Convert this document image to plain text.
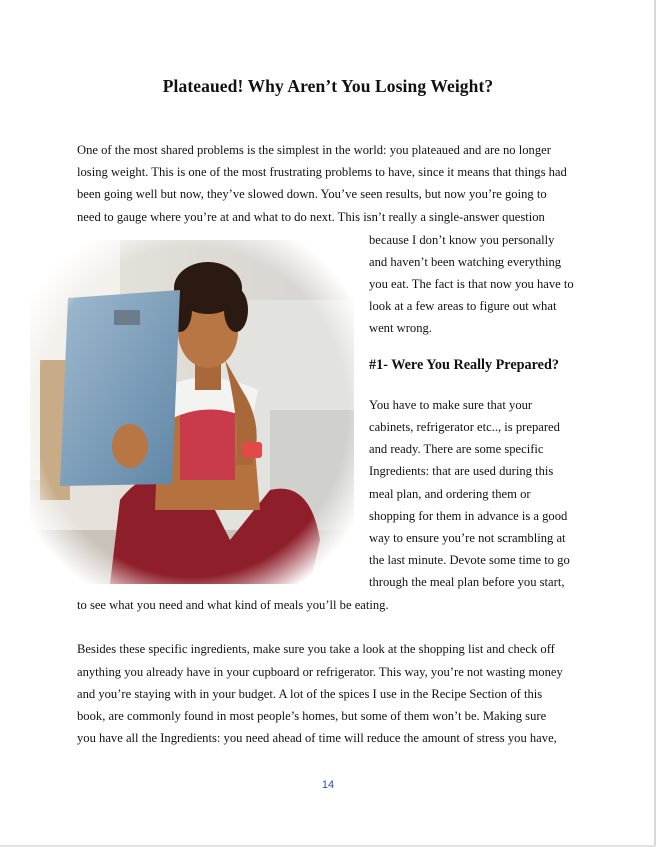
Plateaued! Why Aren’t You Losing Weight?

One of the most shared problems is the simplest in the world: you plateaued and are no longer

losing weight. This is one of the most frustrating problems to have, since it means that things had

been going well but now, they’ve slowed down. You’ve seen results, but now you’re going to

need to gauge where you’re at and what to do next. This isn’t really a single-answer question

because I don’t know you personally

and haven’t been watching everything

you eat. The fact is that now you have to

look at a few areas to figure out what

went wrong.

#1- Were You Really Prepared?

You have to make sure that your

cabinets, refrigerator etc.., is prepared

and ready. There are some specific

Ingredients: that are used during this

meal plan, and ordering them or

shopping for them in advance is a good

way to ensure you’re not scrambling at

the last minute. Devote some time to go

through the meal plan before you start,

to see what you need and what kind of meals you’ll be eating.

Besides these specific ingredients, make sure you take a look at the shopping list and check off

anything you already have in your cupboard or refrigerator. This way, you’re not wasting money

and you’re staying with in your budget. A lot of the spices I use in the Recipe Section of this

book, are commonly found in most people’s homes, but some of them won’t be. Making sure

you have all the Ingredients: you need ahead of time will reduce the amount of stress you have,

14
